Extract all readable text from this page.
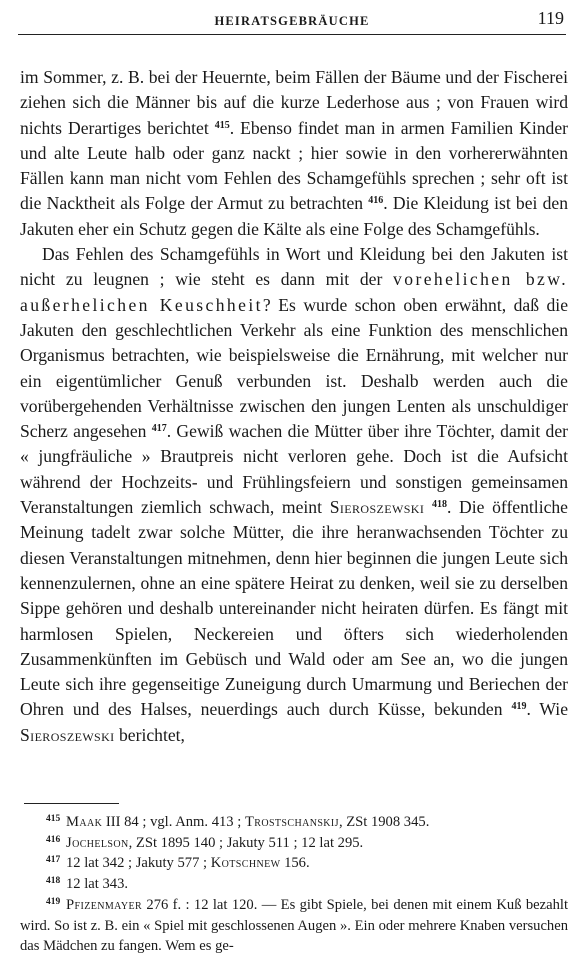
HEIRATSGEBRÄUCHE	119

im Sommer, z. B. bei der Heuernte, beim Fällen der Bäume und der Fischerei ziehen sich die Männer bis auf die kurze Lederhose aus ; von Frauen wird nichts Derartiges berichtet $^{415}$. Ebenso findet man in armen Familien Kinder und alte Leute halb oder ganz nackt ; hier sowie in den vorhererwähnten Fällen kann man nicht vom Fehlen des Schamgefühls sprechen ; sehr oft ist die Nacktheit als Folge der Armut zu betrachten $^{416}$. Die Kleidung ist bei den Jakuten eher ein Schutz gegen die Kälte als eine Folge des Schamgefühls.

Das Fehlen des Schamgefühls in Wort und Kleidung bei den Jakuten ist nicht zu leugnen ; wie steht es dann mit der vorehelichen bzw. außerhelichen Keuschheit? Es wurde schon oben erwähnt, daß die Jakuten den geschlechtlichen Verkehr als eine Funktion des menschlichen Organismus betrachten, wie beispielsweise die Ernährung, mit welcher nur ein eigentümlicher Genuß verbunden ist. Deshalb werden auch die vorübergehenden Verhältnisse zwischen den jungen Lenten als unschuldiger Scherz angesehen $^{417}$. Gewiß wachen die Mütter über ihre Töchter, damit der « jungfräuliche » Brautpreis nicht verloren gehe. Doch ist die Aufsicht während der Hochzeits- und Frühlingsfeiern und sonstigen gemeinsamen Veranstaltungen ziemlich schwach, meint Sieroszewski $^{418}$. Die öffentliche Meinung tadelt zwar solche Mütter, die ihre heranwachsenden Töchter zu diesen Veranstaltungen mitnehmen, denn hier beginnen die jungen Leute sich kennenzulernen, ohne an eine spätere Heirat zu denken, weil sie zu derselben Sippe gehören und deshalb untereinander nicht heiraten dürfen. Es fängt mit harmlosen Spielen, Neckereien und öfters sich wiederholenden Zusammenkünften im Gebüsch und Wald oder am See an, wo die jungen Leute sich ihre gegenseitige Zuneigung durch Umarmung und Beriechen der Ohren und des Halses, neuerdings auch durch Küsse, bekunden $^{419}$. Wie Sieroszewski berichtet,

415 Maak III 84 ; vgl. Anm. 413 ; Trostschanskij, ZSt 1908 345.
416 Jochelson, ZSt 1895 140 ; Jakuty 511 ; 12 lat 295.
417 12 lat 342 ; Jakuty 577 ; Kotschnew 156.
418 12 lat 343.
419 Pfizenmayer 276 f. : 12 lat 120. — Es gibt Spiele, bei denen mit einem Kuß bezahlt wird. So ist z. B. ein « Spiel mit geschlossenen Augen ». Ein oder mehrere Knaben versuchen das Mädchen zu fangen. Wem es ge-
